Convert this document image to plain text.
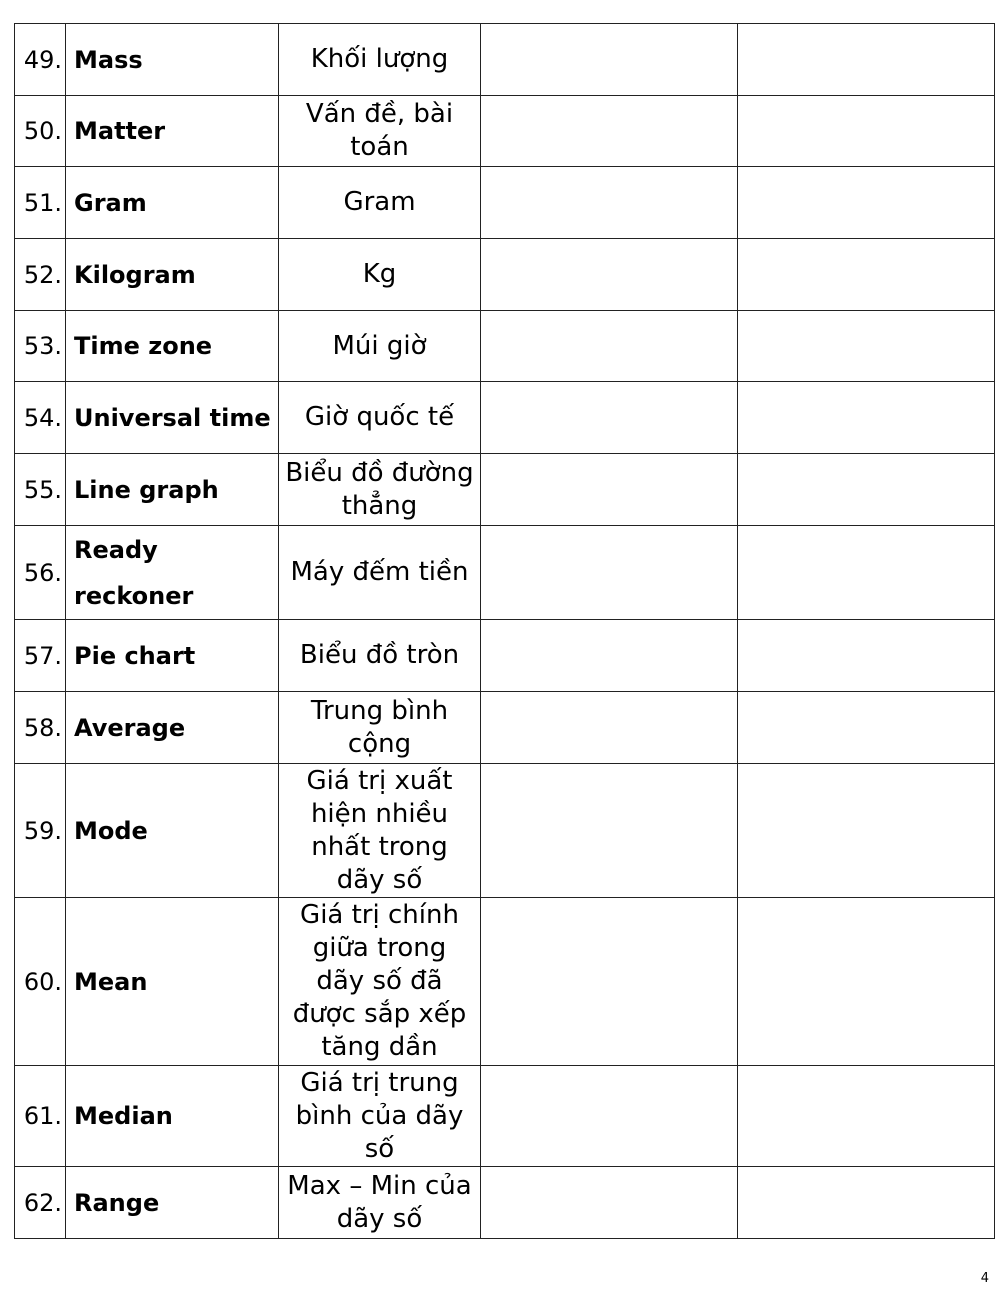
49.	Mass	Khối lượng		
50.	Matter	Vấn đề, bài toán		
51.	Gram	Gram		
52.	Kilogram	Kg		
53.	Time zone	Múi giờ		
54.	Universal time	Giờ quốc tế		
55.	Line graph	Biểu đồ đường thẳng		
56.	Ready reckoner	Máy đếm tiền		
57.	Pie chart	Biểu đồ tròn		
58.	Average	Trung bình cộng		
59.	Mode	Giá trị xuất hiện nhiều nhất trong dãy số		
60.	Mean	Giá trị chính giữa trong dãy số đã được sắp xếp tăng dần		
61.	Median	Giá trị trung bình của dãy số		
62.	Range	Max – Min của dãy số		
4
